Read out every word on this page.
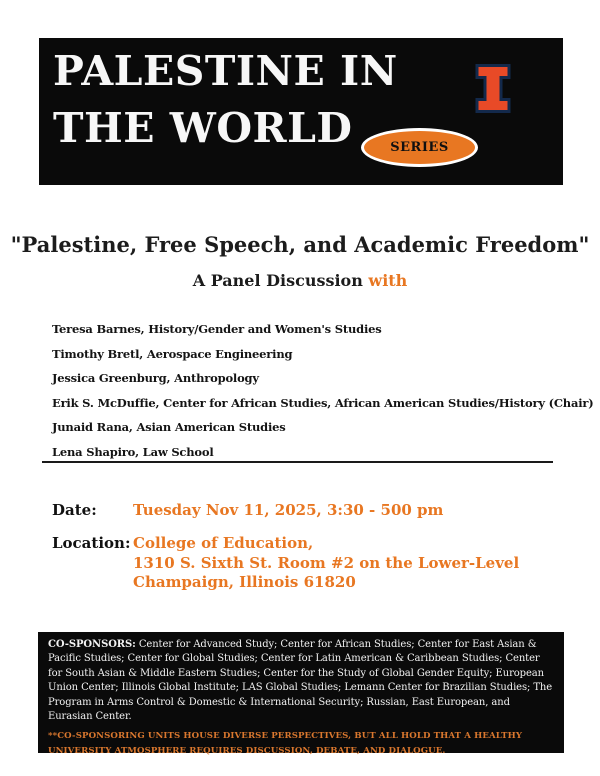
PALESTINE IN
THE WORLD	SERIES
"Palestine, Free Speech, and Academic Freedom"
A Panel Discussion with
Teresa Barnes, History/Gender and Women's Studies
Timothy Bretl, Aerospace Engineering
Jessica Greenburg, Anthropology
Erik S. McDuffie, Center for African Studies, African American Studies/History (Chair)
Junaid Rana, Asian American Studies
Lena Shapiro, Law School
Date: Tuesday Nov 11, 2025, 3:30 - 500 pm
Location: College of Education,
1310 S. Sixth St. Room #2 on the Lower-Level
Champaign, Illinois 61820

CO-SPONSORS: Center for Advanced Study; Center for African Studies; Center for East Asian & Pacific Studies; Center for Global Studies; Center for Latin American & Caribbean Studies; Center for South Asian & Middle Eastern Studies; Center for the Study of Global Gender Equity; European Union Center; Illinois Global Institute; LAS Global Studies; Lemann Center for Brazilian Studies; The Program in Arms Control & Domestic & International Security; Russian, East European, and Eurasian Center.

**CO-SPONSORING UNITS HOUSE DIVERSE PERSPECTIVES, BUT ALL HOLD THAT A HEALTHY UNIVERSITY ATMOSPHERE REQUIRES DISCUSSION, DEBATE, AND DIALOGUE.
